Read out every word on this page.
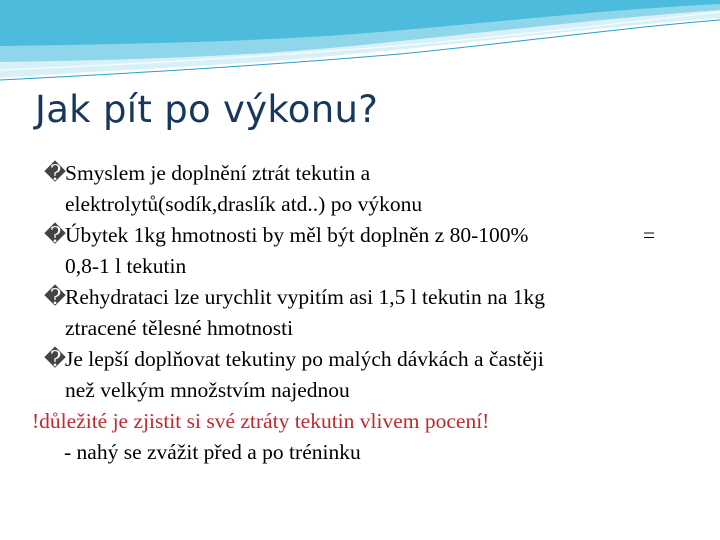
Jak pít po výkonu?
�Smyslem je doplnění ztrát tekutin a
elektrolytů(sodík,draslík atd..) po výkonu
�Úbytek 1kg hmotnosti by měl být doplněn z 80-100%	=

0,8-1 l tekutin
�Rehydrataci lze urychlit vypitím asi 1,5 l tekutin na 1kg
ztracené tělesné hmotnosti
�Je lepší doplňovat tekutiny po malých dávkách a častěji
než velkým množstvím najednou
!důležité je zjistit si své ztráty tekutin vlivem pocení!
- nahý se zvážit před a po tréninku
